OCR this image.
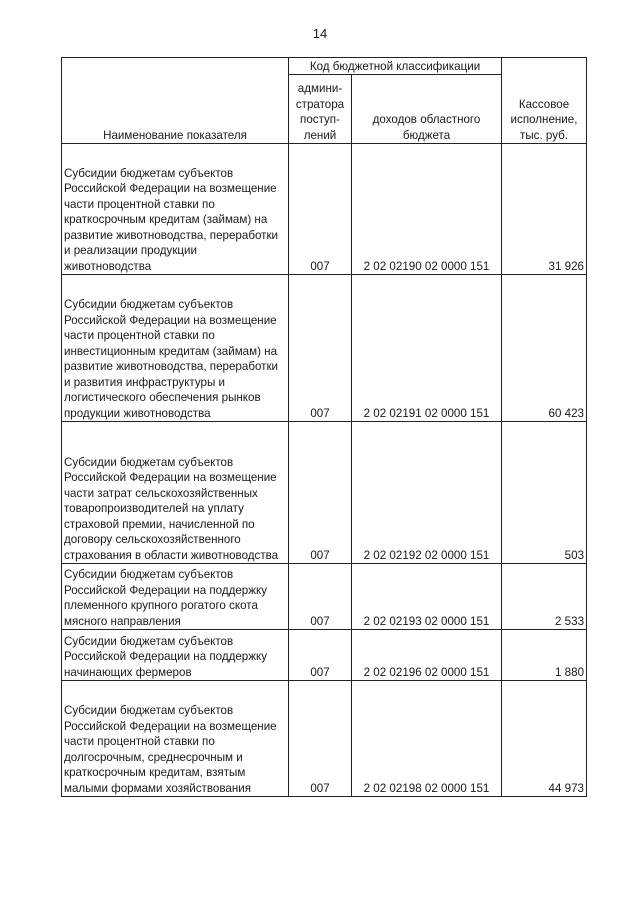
14
Наименование показателя	Код бюджетной классификации		Кассовое исполнение, тыс. руб.
	админи-стратора поступ-лений	доходов областного бюджета	
Субсидии бюджетам субъектов Российской Федерации на возмещение части процентной ставки по краткосрочным кредитам (займам) на развитие животноводства, переработки и реализации продукции животноводства	007	2 02 02190 02 0000 151	31 926
Субсидии бюджетам субъектов Российской Федерации на возмещение части процентной ставки по инвестиционным кредитам (займам) на развитие животноводства, переработки и развития инфраструктуры и логистического обеспечения рынков продукции животноводства	007	2 02 02191 02 0000 151	60 423
Субсидии бюджетам субъектов Российской Федерации на возмещение части затрат сельскохозяйственных товаропроизводителей на уплату страховой премии, начисленной по договору сельскохозяйственного страхования в области животноводства	007	2 02 02192 02 0000 151	503
Субсидии бюджетам субъектов Российской Федерации на поддержку племенного крупного рогатого скота мясного направления	007	2 02 02193 02 0000 151	2 533
Субсидии бюджетам субъектов Российской Федерации на поддержку начинающих фермеров	007	2 02 02196 02 0000 151	1 880
Субсидии бюджетам субъектов Российской Федерации на возмещение части процентной ставки по долгосрочным, среднесрочным и краткосрочным кредитам, взятым малыми формами хозяйствования	007	2 02 02198 02 0000 151	44 973
